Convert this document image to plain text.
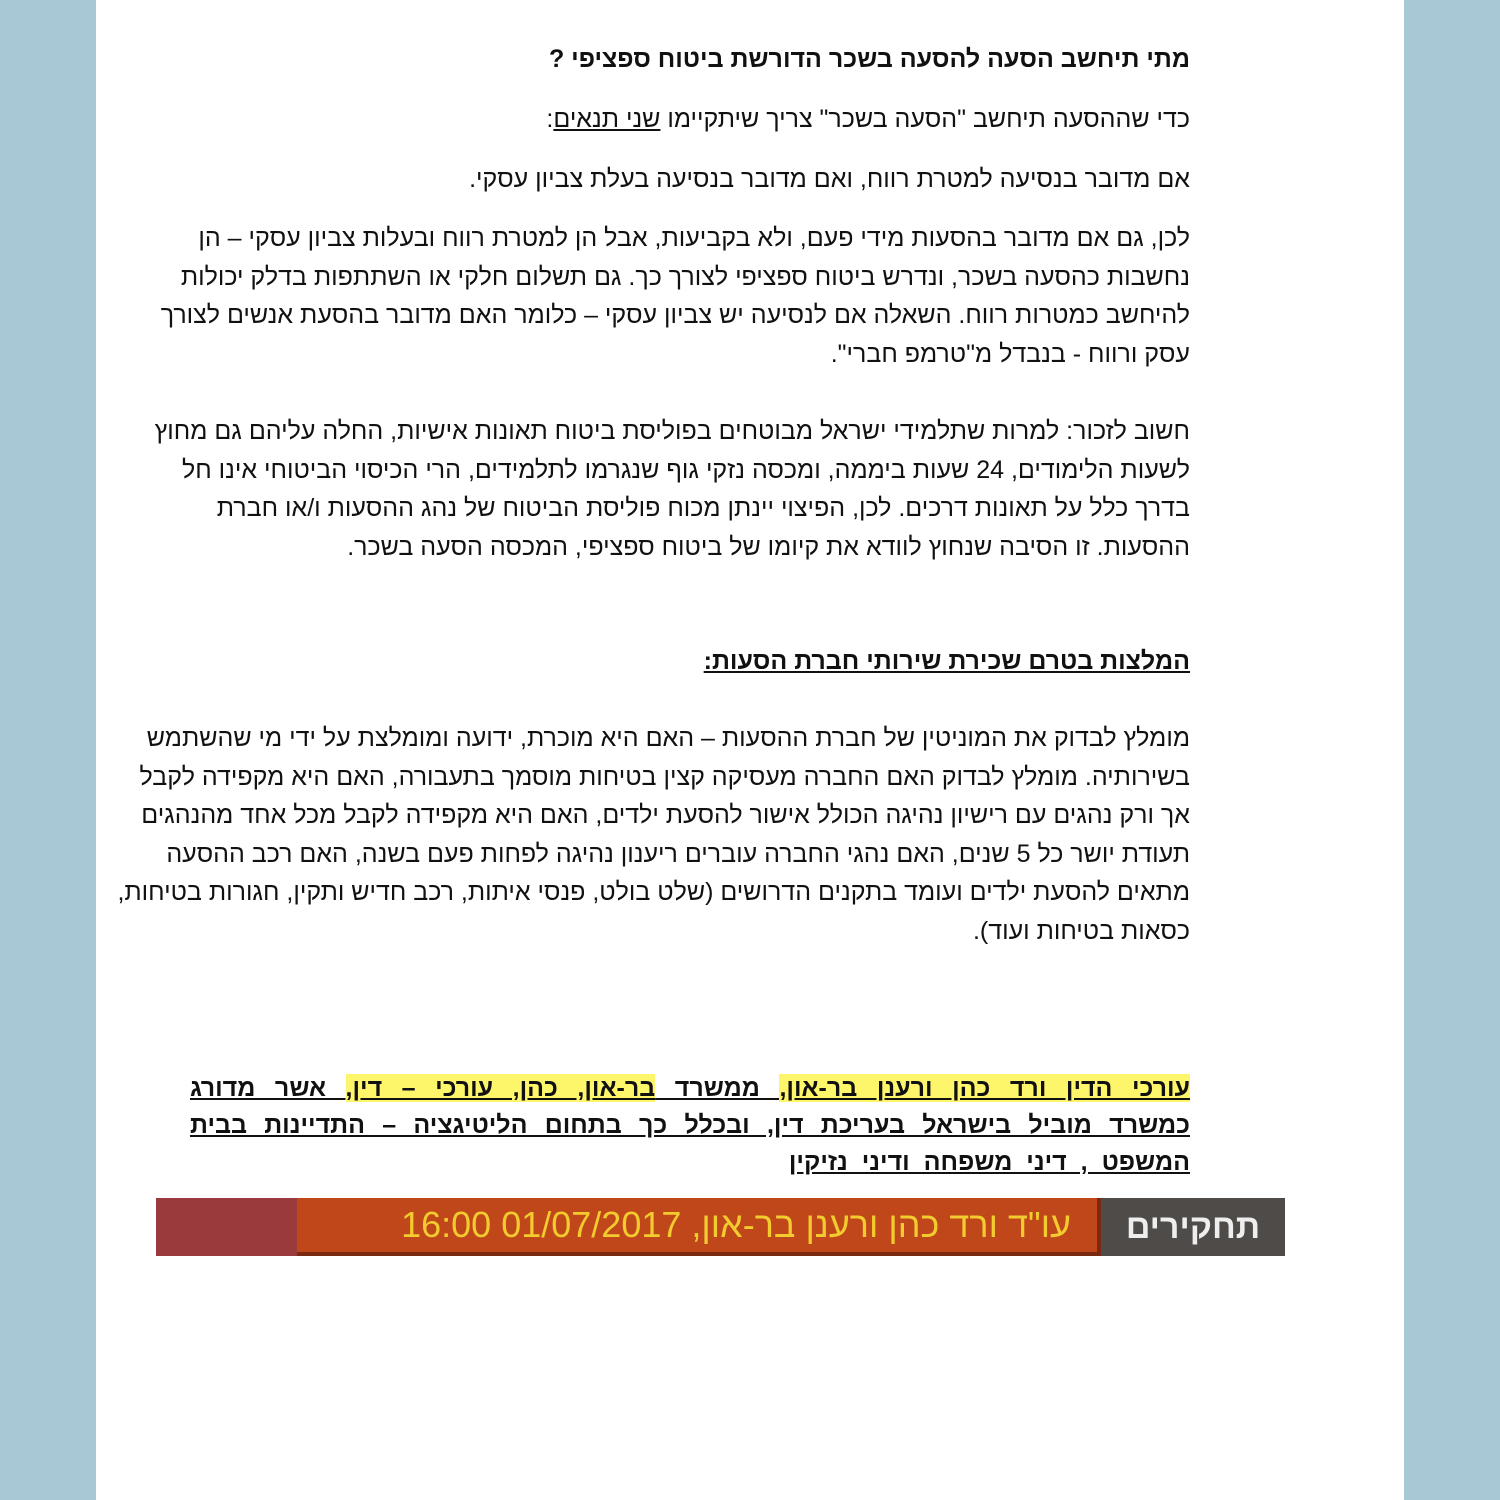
מתי תיחשב הסעה להסעה בשכר הדורשת ביטוח ספציפי ?

כדי שההסעה תיחשב "הסעה בשכר" צריך שיתקיימו שני תנאים:

אם מדובר בנסיעה למטרת רווח, ואם מדובר בנסיעה בעלת צביון עסקי.

לכן, גם אם מדובר בהסעות מידי פעם, ולא בקביעות, אבל הן למטרת רווח ובעלות צביון עסקי – הן נחשבות כהסעה בשכר, ונדרש ביטוח ספציפי לצורך כך. גם תשלום חלקי או השתתפות בדלק יכולות להיחשב כמטרות רווח. השאלה אם לנסיעה יש צביון עסקי – כלומר האם מדובר בהסעת אנשים לצורך עסק ורווח - בנבדל מ"טרמפ חברי".

חשוב לזכור: למרות שתלמידי ישראל מבוטחים בפוליסת ביטוח תאונות אישיות, החלה עליהם גם מחוץ לשעות הלימודים, 24 שעות ביממה, ומכסה נזקי גוף שנגרמו לתלמידים, הרי הכיסוי הביטוחי אינו חל בדרך כלל על תאונות דרכים. לכן, הפיצוי יינתן מכוח פוליסת הביטוח של נהג ההסעות ו/או חברת ההסעות. זו הסיבה שנחוץ לוודא את קיומו של ביטוח ספציפי, המכסה הסעה בשכר.

המלצות בטרם שכירת שירותי חברת הסעות:

מומלץ לבדוק את המוניטין של חברת ההסעות – האם היא מוכרת, ידועה ומומלצת על ידי מי שהשתמש בשירותיה. מומלץ לבדוק האם החברה מעסיקה קצין בטיחות מוסמך בתעבורה, האם היא מקפידה לקבל אך ורק נהגים עם רישיון נהיגה הכולל אישור להסעת ילדים, האם היא מקפידה לקבל מכל אחד מהנהגים תעודת יושר כל 5 שנים, האם נהגי החברה עוברים ריענון נהיגה לפחות פעם בשנה, האם רכב ההסעה מתאים להסעת ילדים ועומד בתקנים הדרושים (שלט בולט, פנסי איתות, רכב חדיש ותקין, חגורות בטיחות, כסאות בטיחות ועוד).

עורכי הדין ורד כהן ורענן בר-און, ממשרד בר-און, כהן, עורכי – דין, אשר מדורג כמשרד מוביל בישראל בעריכת דין, ובכלל כך בתחום הליטיגציה – התדיינות בבית המשפט , דיני משפחה ודיני נזיקין

עו"ד ורד כהן ורענן בר-און, 01/07/2017 16:00 תחקירים
